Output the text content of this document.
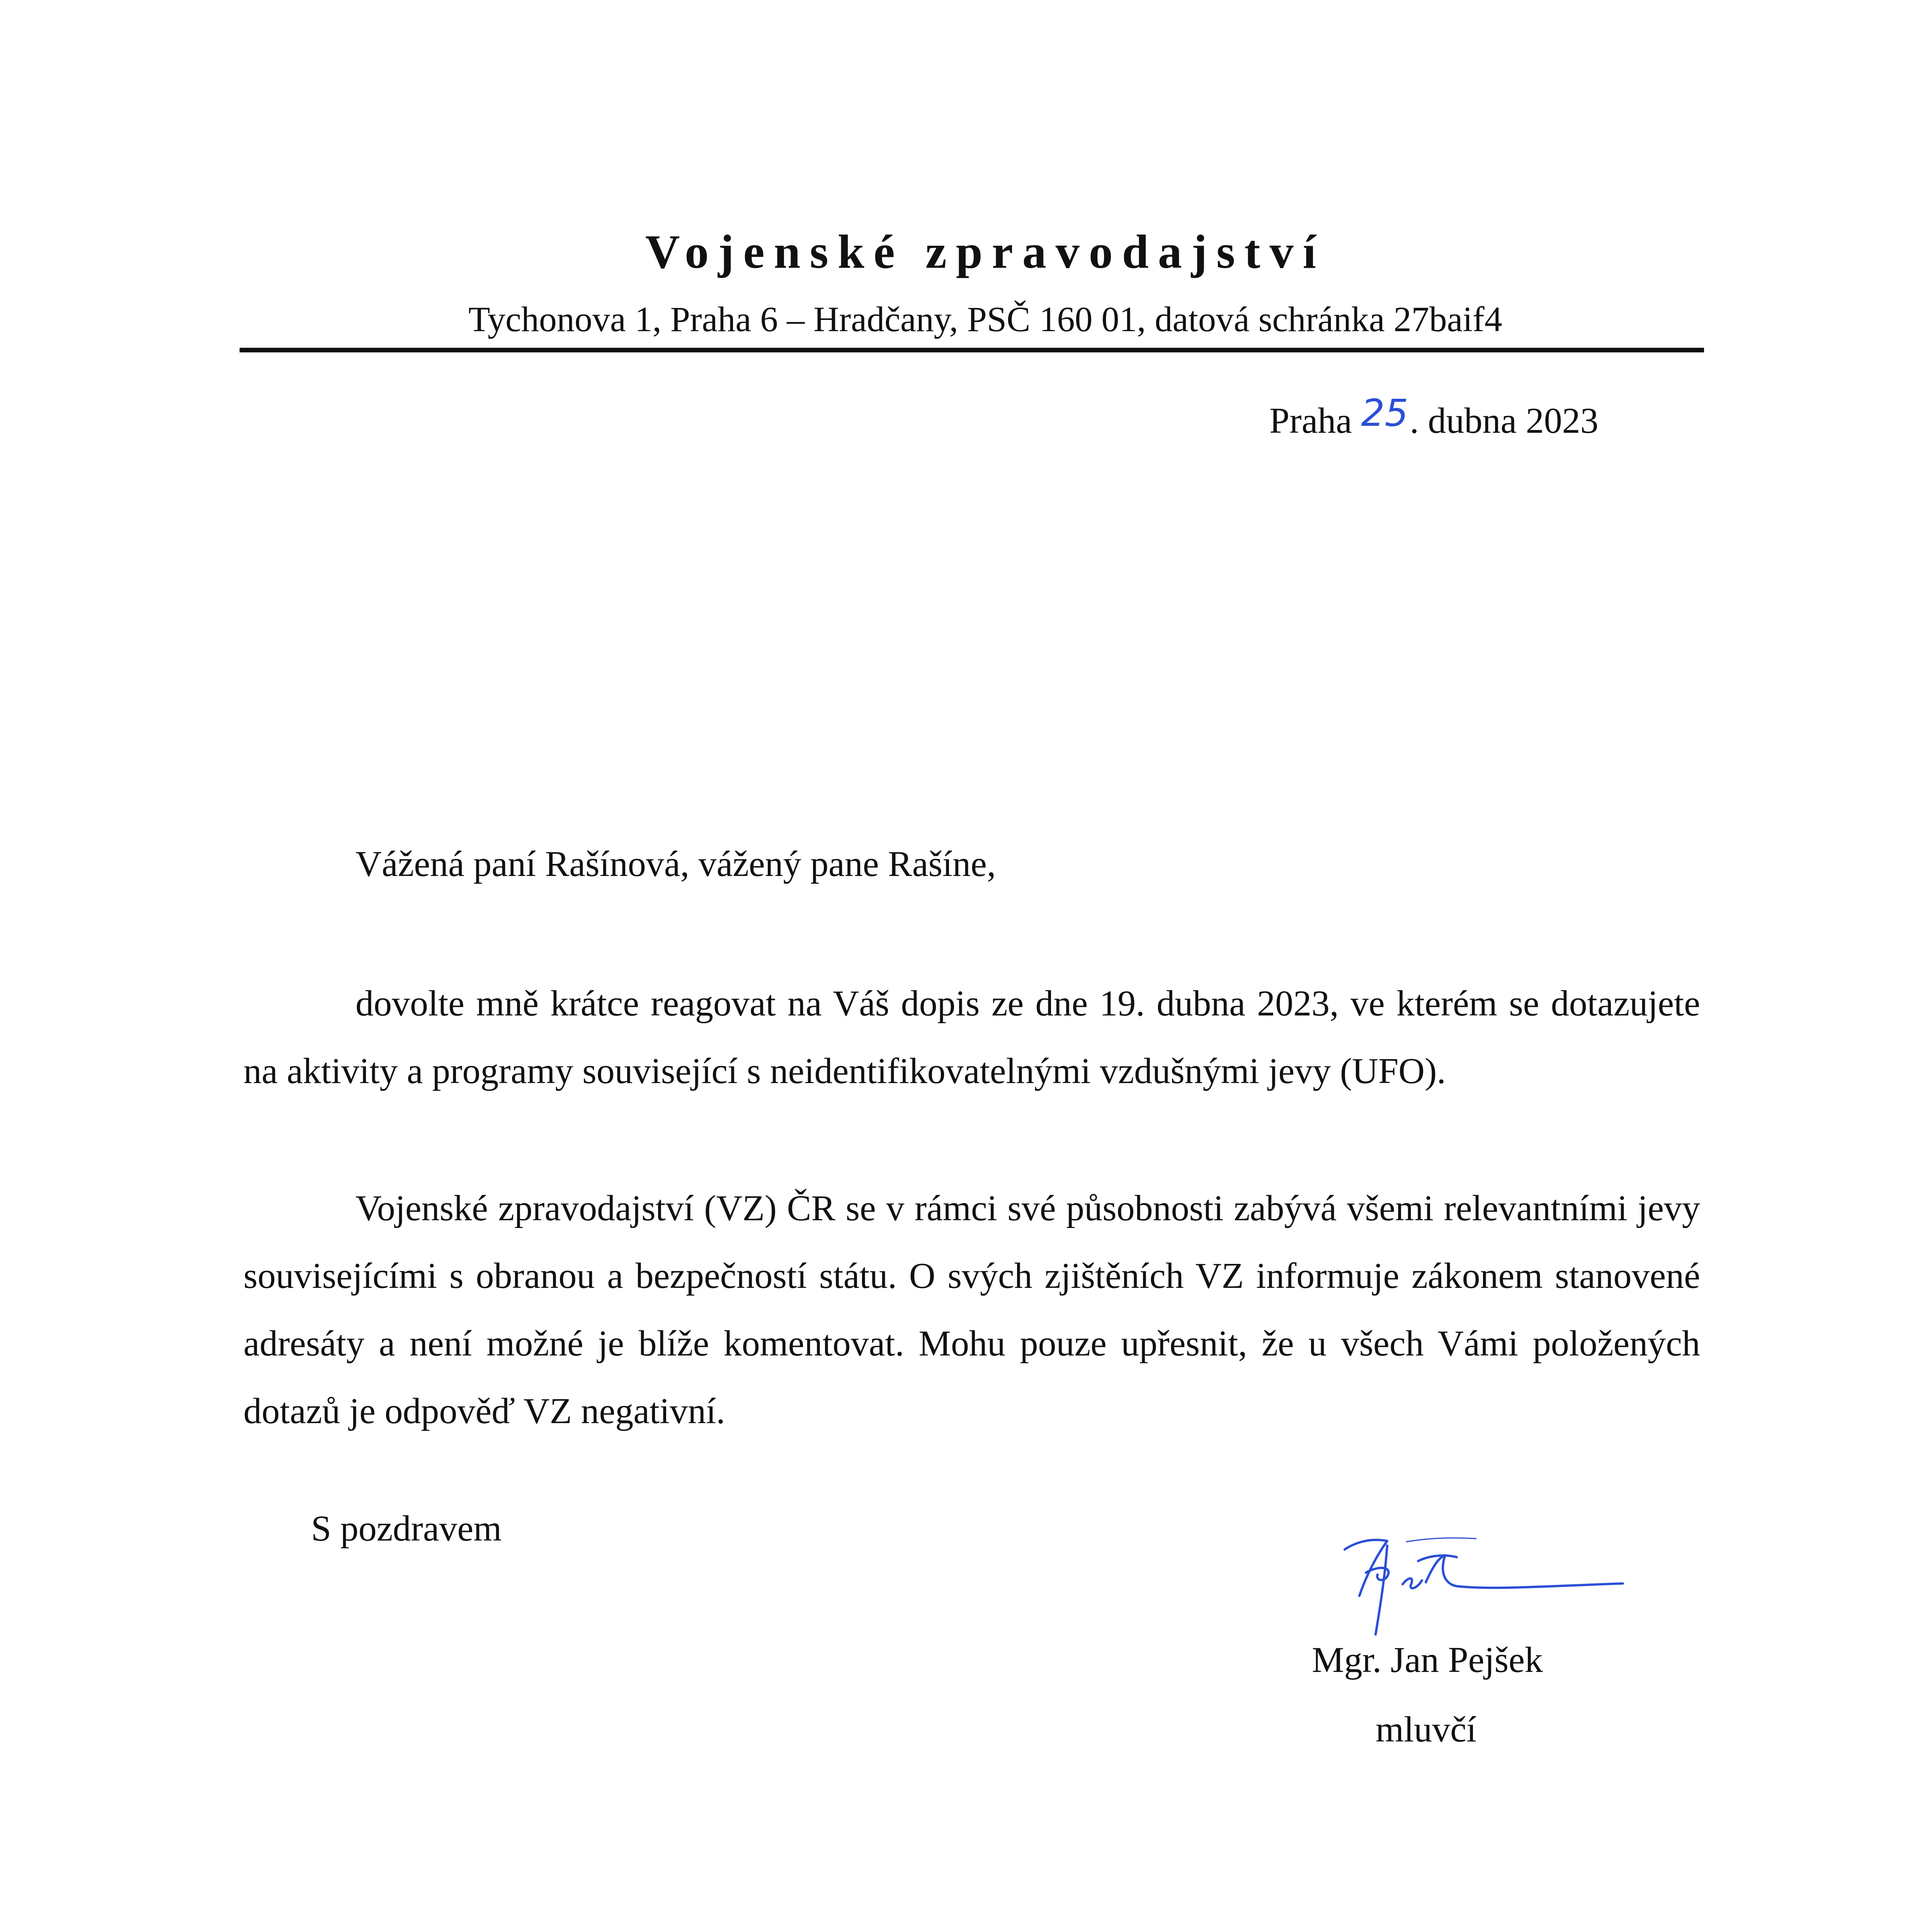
Vojenské zpravodajství
Tychonova 1, Praha 6 – Hradčany, PSČ 160 01, datová schránka 27baif4
Praha 25. dubna 2023
Vážená paní Rašínová, vážený pane Rašíne,

dovolte mně krátce reagovat na Váš dopis ze dne 19. dubna 2023, ve kterém se dotazujete na aktivity a programy související s neidentifikovatelnými vzdušnými jevy (UFO).

Vojenské zpravodajství (VZ) ČR se v rámci své působnosti zabývá všemi relevantními jevy souvisejícími s obranou a bezpečností státu. O svých zjištěních VZ informuje zákonem stanovené adresáty a není možné je blíže komentovat. Mohu pouze upřesnit, že u všech Vámi položených dotazů je odpověď VZ negativní.

S pozdravem
Mgr. Jan Pejšek
mluvčí
